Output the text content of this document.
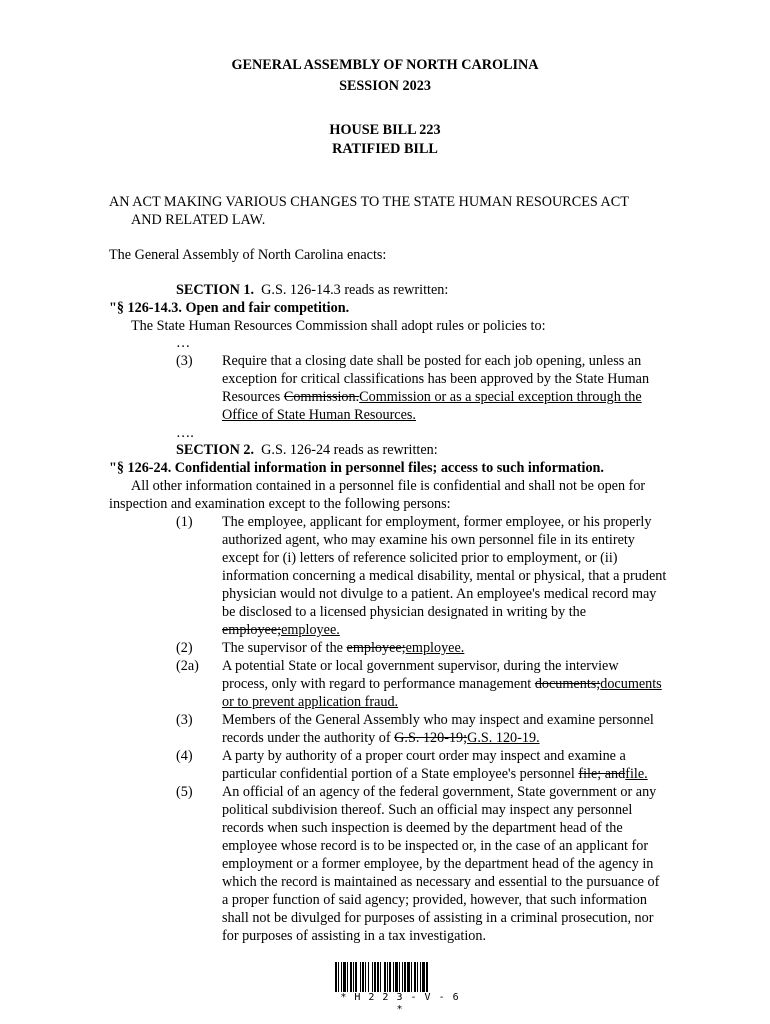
GENERAL ASSEMBLY OF NORTH CAROLINA
SESSION 2023
HOUSE BILL 223
RATIFIED BILL
AN ACT MAKING VARIOUS CHANGES TO THE STATE HUMAN RESOURCES ACT
AND RELATED LAW.
The General Assembly of North Carolina enacts:
SECTION 1. G.S. 126-14.3 reads as rewritten:
"§ 126-14.3. Open and fair competition.
The State Human Resources Commission shall adopt rules or policies to:
…
(3) Require that a closing date shall be posted for each job opening, unless an
exception for critical classifications has been approved by the State Human
Resources Commission.Commission or as a special exception through the
Office of State Human Resources.
….
SECTION 2. G.S. 126-24 reads as rewritten:
"§ 126-24. Confidential information in personnel files; access to such information.
All other information contained in a personnel file is confidential and shall not be open for
inspection and examination except to the following persons:
(1) The employee, applicant for employment, former employee, or his properly
authorized agent, who may examine his own personnel file in its entirety
except for (i) letters of reference solicited prior to employment, or (ii)
information concerning a medical disability, mental or physical, that a prudent
physician would not divulge to a patient. An employee's medical record may
be disclosed to a licensed physician designated in writing by the
employee;employee.
(2) The supervisor of the employee;employee.
(2a) A potential State or local government supervisor, during the interview
process, only with regard to performance management documents;documents
or to prevent application fraud.
(3) Members of the General Assembly who may inspect and examine personnel
records under the authority of G.S. 120-19;G.S. 120-19.
(4) A party by authority of a proper court order may inspect and examine a
particular confidential portion of a State employee's personnel file; andfile.
(5) An official of an agency of the federal government, State government or any
political subdivision thereof. Such an official may inspect any personnel
records when such inspection is deemed by the department head of the
employee whose record is to be inspected or, in the case of an applicant for
employment or a former employee, by the department head of the agency in
which the record is maintained as necessary and essential to the pursuance of
a proper function of said agency; provided, however, that such information
shall not be divulged for purposes of assisting in a criminal prosecution, nor
for purposes of assisting in a tax investigation.
* H 2 2 3 - V - 6 *
